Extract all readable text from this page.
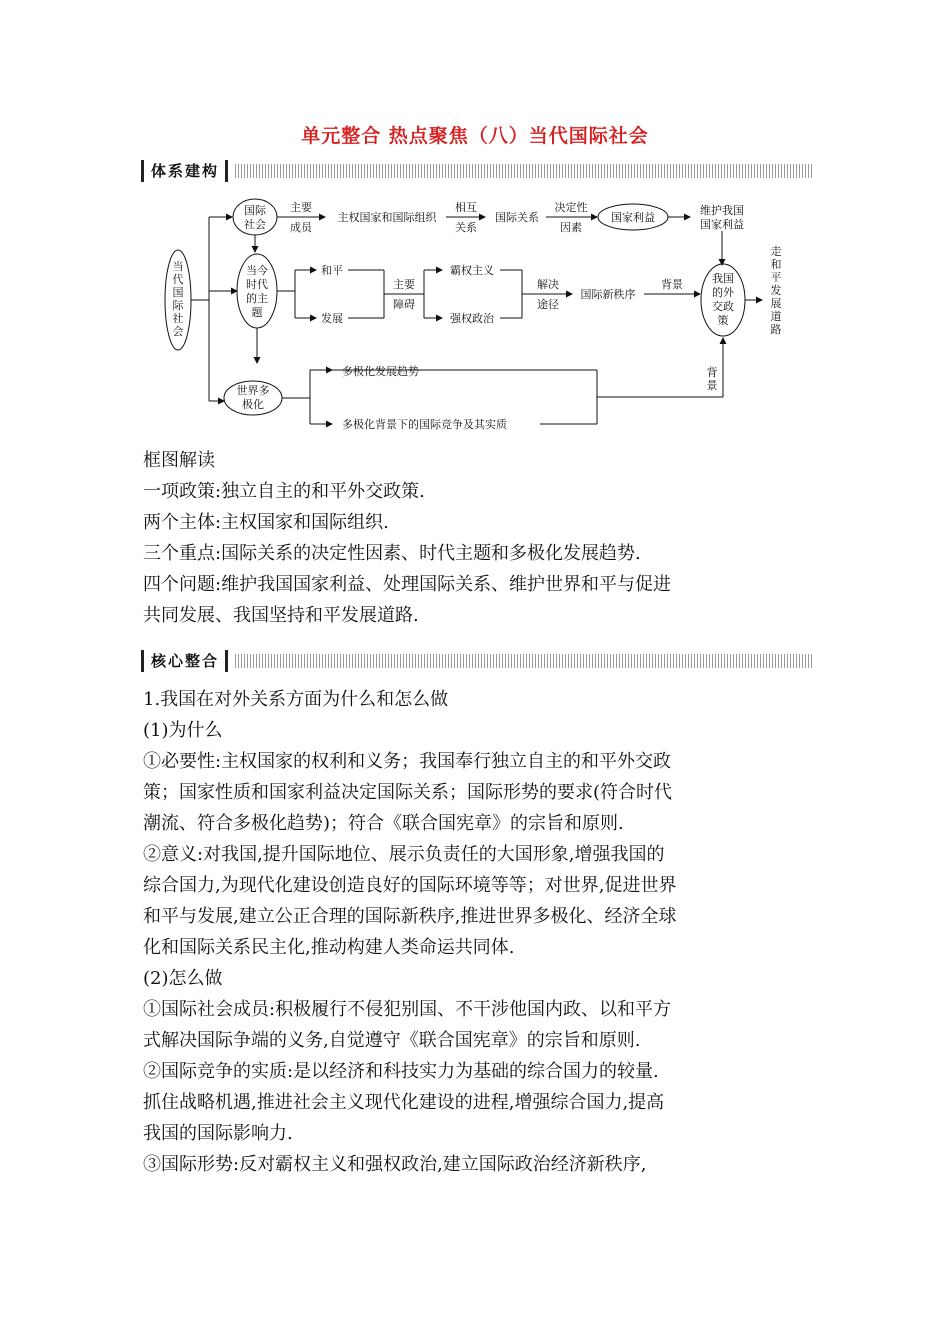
单元整合 热点聚焦（八）当代国际社会
体系建构
当
代
国
际
社
会
国际
社会
主要
成员
主权国家和国际组织
相互
关系
国际关系
决定性
因素
国家利益
维护我国
国家利益
当今
时代
的主
题
和平
发展
主要
障碍
霸权主义
强权政治
解决
途径
国际新秩序
背景	我国
的外
交政
策
走
和
平
发
展
道
路
世界多
极化
多极化发展趋势
多极化背景下的国际竞争及其实质
背
景

框图解读

一项政策:独立自主的和平外交政策.

两个主体:主权国家和国际组织.

三个重点:国际关系的决定性因素、时代主题和多极化发展趋势.

四个问题:维护我国国家利益、处理国际关系、维护世界和平与促进

共同发展、我国坚持和平发展道路.

核心整合

1.我国在对外关系方面为什么和怎么做

(1)为什么

①必要性:主权国家的权利和义务；我国奉行独立自主的和平外交政

策；国家性质和国家利益决定国际关系；国际形势的要求(符合时代

潮流、符合多极化趋势)；符合《联合国宪章》的宗旨和原则.

②意义:对我国,提升国际地位、展示负责任的大国形象,增强我国的

综合国力,为现代化建设创造良好的国际环境等等；对世界,促进世界

和平与发展,建立公正合理的国际新秩序,推进世界多极化、经济全球

化和国际关系民主化,推动构建人类命运共同体.

(2)怎么做

①国际社会成员:积极履行不侵犯别国、不干涉他国内政、以和平方

式解决国际争端的义务,自觉遵守《联合国宪章》的宗旨和原则.

②国际竞争的实质:是以经济和科技实力为基础的综合国力的较量.

抓住战略机遇,推进社会主义现代化建设的进程,增强综合国力,提高

我国的国际影响力.

③国际形势:反对霸权主义和强权政治,建立国际政治经济新秩序,
